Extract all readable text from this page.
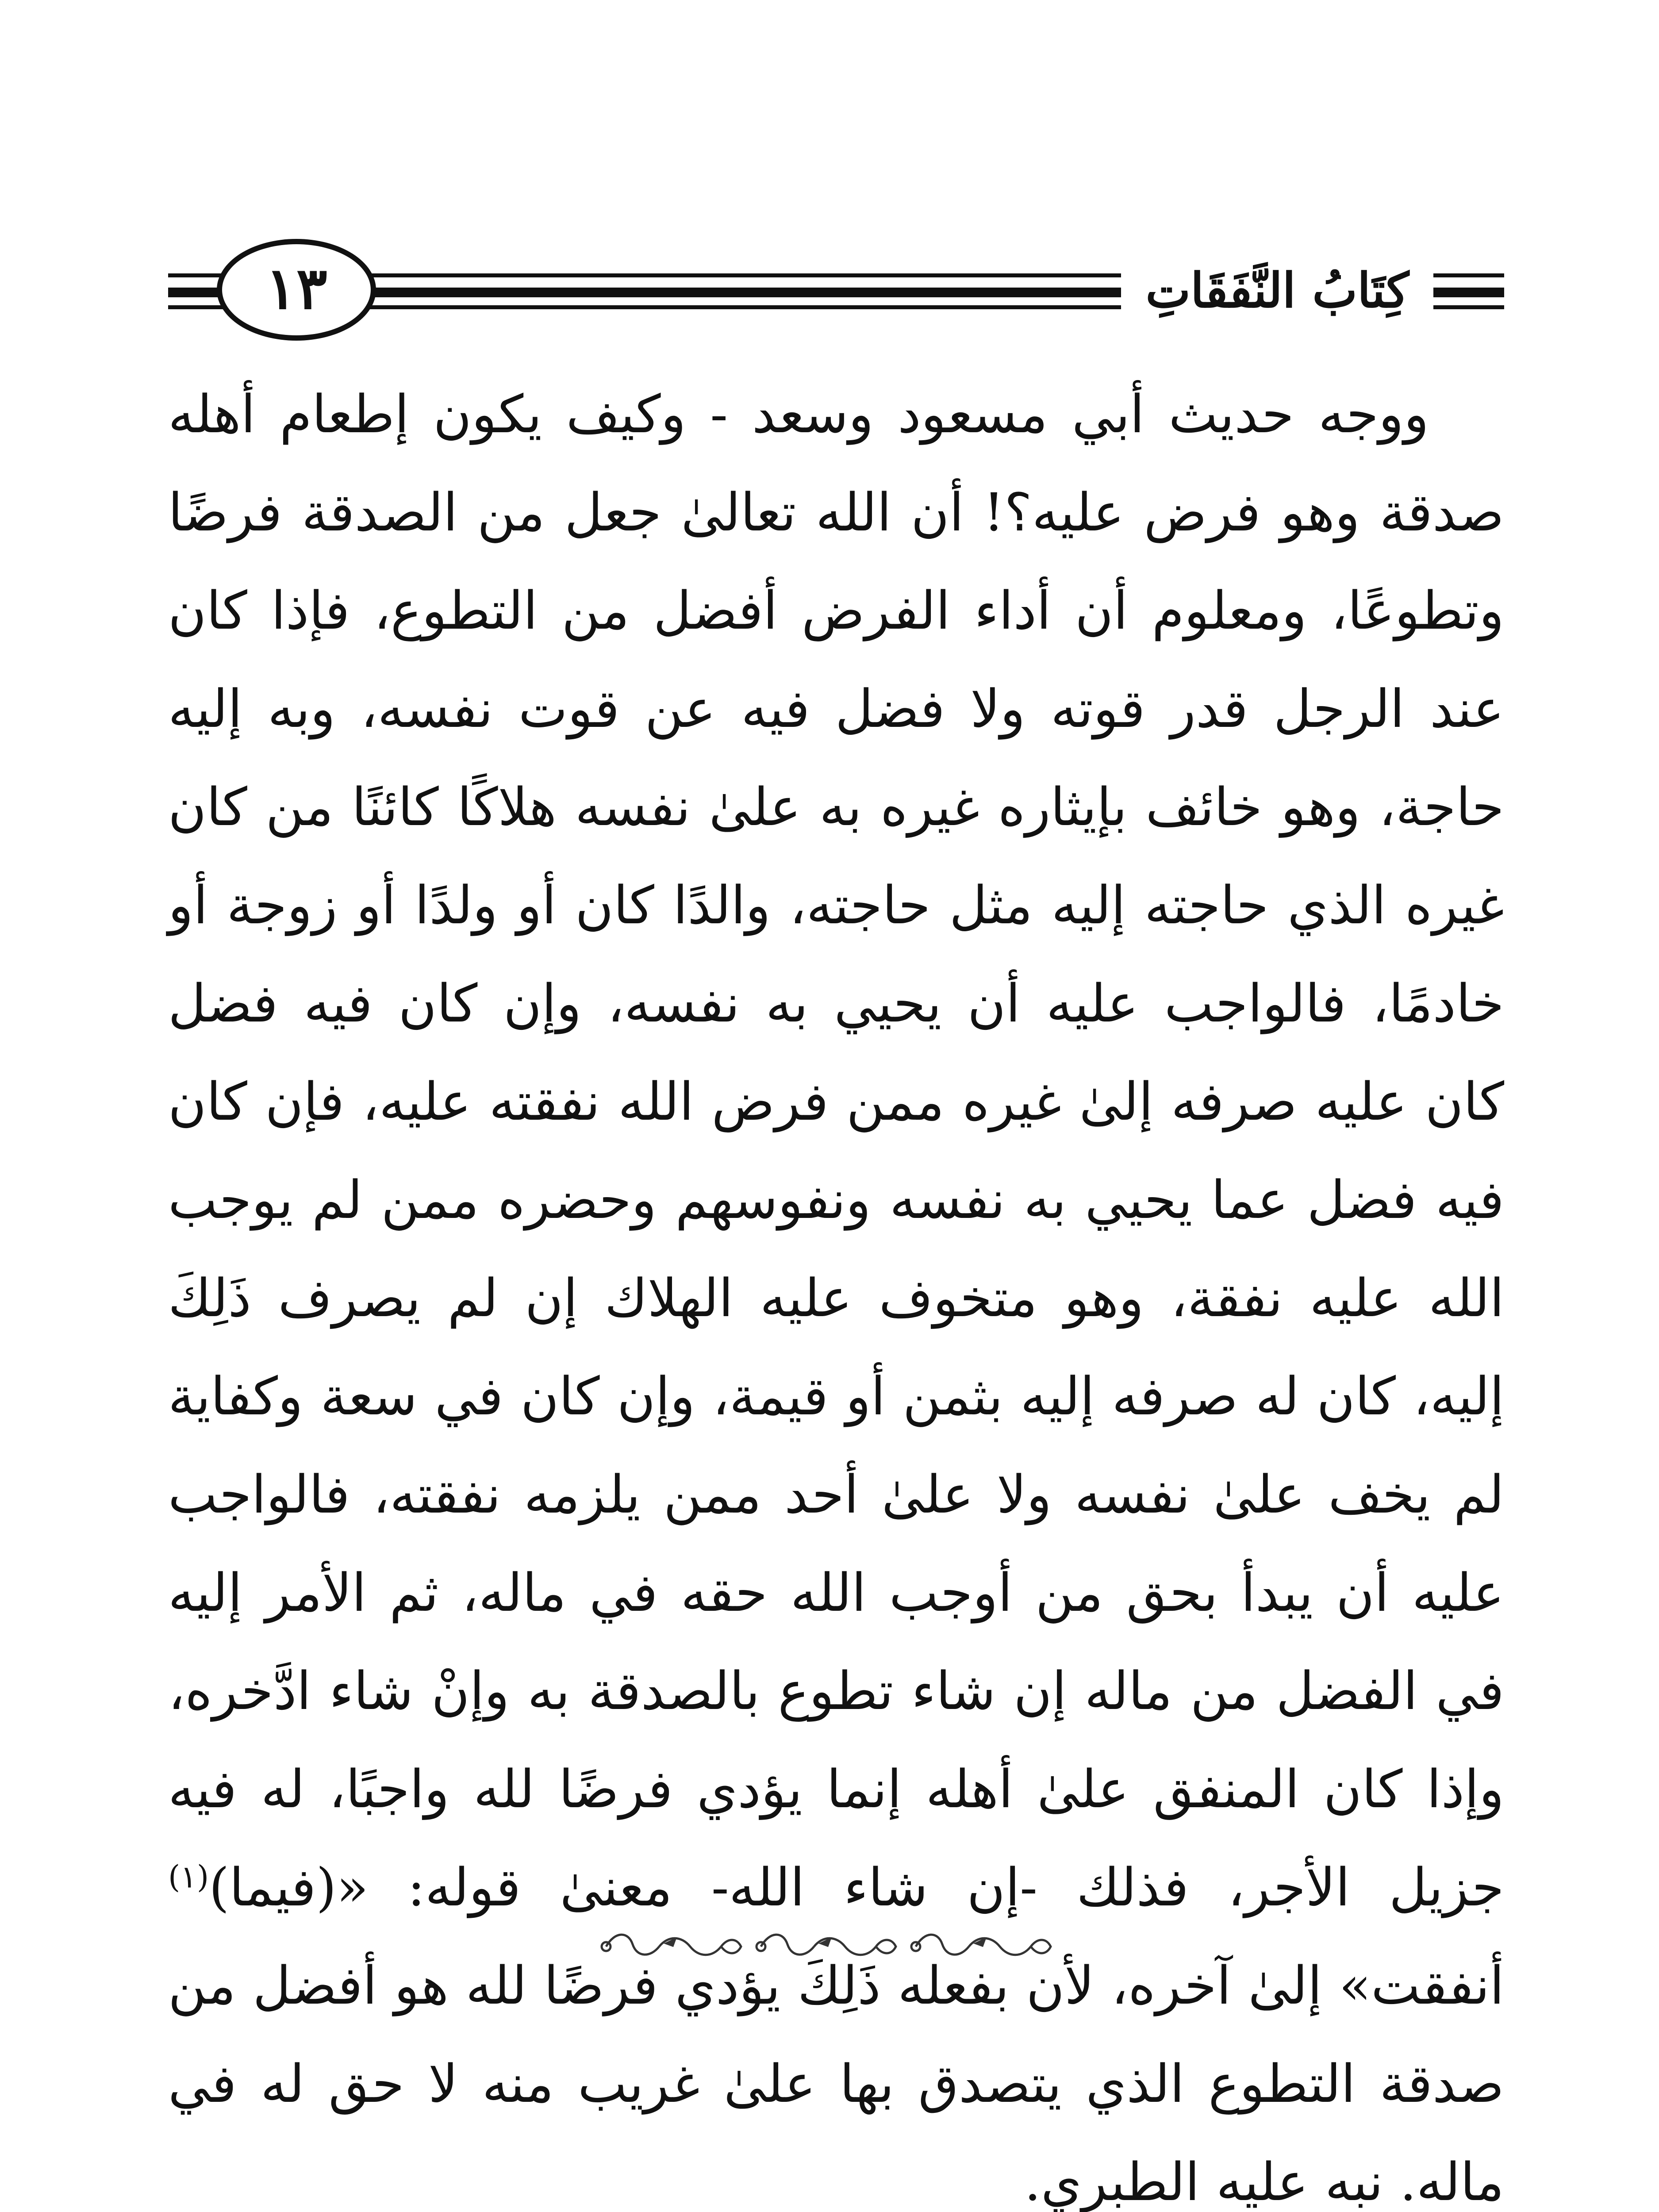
كِتَابُ النَّفَقَاتِ
١٣

ووجه حديث أبي مسعود وسعد - وكيف يكون إطعام أهله صدقة وهو فرض عليه؟! أن الله تعالىٰ جعل من الصدقة فرضًا وتطوعًا، ومعلوم أن أداء الفرض أفضل من التطوع، فإذا كان عند الرجل قدر قوته ولا فضل فيه عن قوت نفسه، وبه إليه حاجة، وهو خائف بإيثاره غيره به علىٰ نفسه هلاكًا كائنًا من كان غيره الذي حاجته إليه مثل حاجته، والدًا كان أو ولدًا أو زوجة أو خادمًا، فالواجب عليه أن يحيي به نفسه، وإن كان فيه فضل كان عليه صرفه إلىٰ غيره ممن فرض الله نفقته عليه، فإن كان فيه فضل عما يحيي به نفسه ونفوسهم وحضره ممن لم يوجب الله عليه نفقة، وهو متخوف عليه الهلاك إن لم يصرف ذَلِكَ إليه، كان له صرفه إليه بثمن أو قيمة، وإن كان في سعة وكفاية لم يخف علىٰ نفسه ولا علىٰ أحد ممن يلزمه نفقته، فالواجب عليه أن يبدأ بحق من أوجب الله حقه في ماله، ثم الأمر إليه في الفضل من ماله إن شاء تطوع بالصدقة به وإنْ شاء ادَّخره، وإذا كان المنفق علىٰ أهله إنما يؤدي فرضًا لله واجبًا، له فيه جزيل الأجر، فذلك -إن شاء الله- معنىٰ قوله: «(فيما)$^{(١)}$ أنفقت» إلىٰ آخره، لأن بفعله ذَلِكَ يؤدي فرضًا لله هو أفضل من صدقة التطوع الذي يتصدق بها علىٰ غريب منه لا حق له في ماله. نبه عليه الطبري.
